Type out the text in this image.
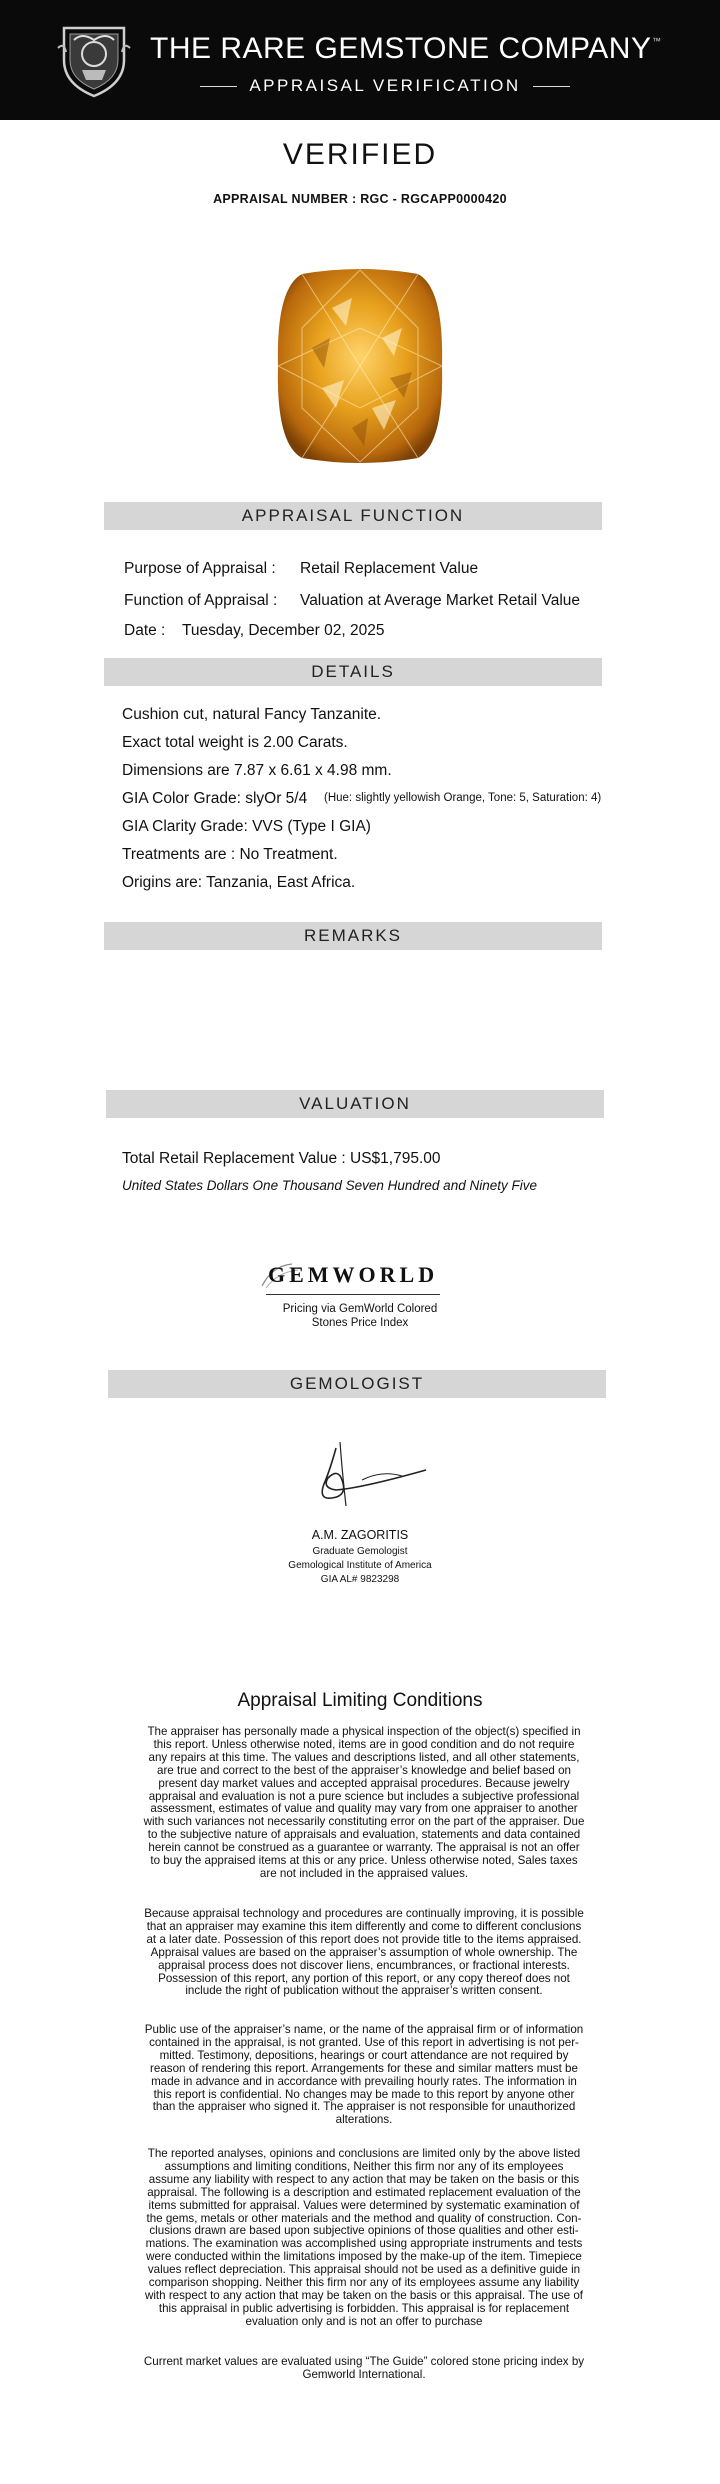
THE RARE GEMSTONE COMPANY ™
APPRAISAL VERIFICATION
VERIFIED
APPRAISAL NUMBER : RGC - RGCAPP0000420
APPRAISAL FUNCTION
Purpose of Appraisal : Retail Replacement Value
Function of Appraisal : Valuation at Average Market Retail Value
Date : Tuesday, December 02, 2025
DETAILS
Cushion cut, natural Fancy Tanzanite.
Exact total weight is 2.00 Carats.
Dimensions are 7.87 x 6.61 x 4.98 mm.
GIA Color Grade: slyOr 5/4 (Hue: slightly yellowish Orange, Tone: 5, Saturation: 4)
GIA Clarity Grade: VVS (Type I GIA)
Treatments are : No Treatment.
Origins are: Tanzania, East Africa.
REMARKS
VALUATION
Total Retail Replacement Value : US$1,795.00
United States Dollars One Thousand Seven Hundred and Ninety Five
GEMWORLD
Pricing via GemWorld Colored
Stones Price Index
GEMOLOGIST
A.M. ZAGORITIS
Graduate Gemologist
Gemological Institute of America
GIA AL# 9823298
Appraisal Limiting Conditions
The appraiser has personally made a physical inspection of the object(s) specified in
this report. Unless otherwise noted, items are in good condition and do not require
any repairs at this time. The values and descriptions listed, and all other statements,
are true and correct to the best of the appraiser’s knowledge and belief based on
present day market values and accepted appraisal procedures. Because jewelry
appraisal and evaluation is not a pure science but includes a subjective professional
assessment, estimates of value and quality may vary from one appraiser to another
with such variances not necessarily constituting error on the part of the appraiser. Due
to the subjective nature of appraisals and evaluation, statements and data contained
herein cannot be construed as a guarantee or warranty. The appraisal is not an offer
to buy the appraised items at this or any price. Unless otherwise noted, Sales taxes
are not included in the appraised values.
Because appraisal technology and procedures are continually improving, it is possible
that an appraiser may examine this item differently and come to different conclusions
at a later date. Possession of this report does not provide title to the items appraised.
Appraisal values are based on the appraiser’s assumption of whole ownership. The
appraisal process does not discover liens, encumbrances, or fractional interests.
Possession of this report, any portion of this report, or any copy thereof does not
include the right of publication without the appraiser’s written consent.
Public use of the appraiser’s name, or the name of the appraisal firm or of information
contained in the appraisal, is not granted. Use of this report in advertising is not per-
mitted. Testimony, depositions, hearings or court attendance are not required by
reason of rendering this report. Arrangements for these and similar matters must be
made in advance and in accordance with prevailing hourly rates. The information in
this report is confidential. No changes may be made to this report by anyone other
than the appraiser who signed it. The appraiser is not responsible for unauthorized
alterations.
The reported analyses, opinions and conclusions are limited only by the above listed
assumptions and limiting conditions, Neither this firm nor any of its employees
assume any liability with respect to any action that may be taken on the basis or this
appraisal. The following is a description and estimated replacement evaluation of the
items submitted for appraisal. Values were determined by systematic examination of
the gems, metals or other materials and the method and quality of construction. Con-
clusions drawn are based upon subjective opinions of those qualities and other esti-
mations. The examination was accomplished using appropriate instruments and tests
were conducted within the limitations imposed by the make-up of the item. Timepiece
values reflect depreciation. This appraisal should not be used as a definitive guide in
comparison shopping. Neither this firm nor any of its employees assume any liability
with respect to any action that may be taken on the basis or this appraisal. The use of
this appraisal in public advertising is forbidden. This appraisal is for replacement
evaluation only and is not an offer to purchase
Current market values are evaluated using “The Guide” colored stone pricing index by
Gemworld International.
